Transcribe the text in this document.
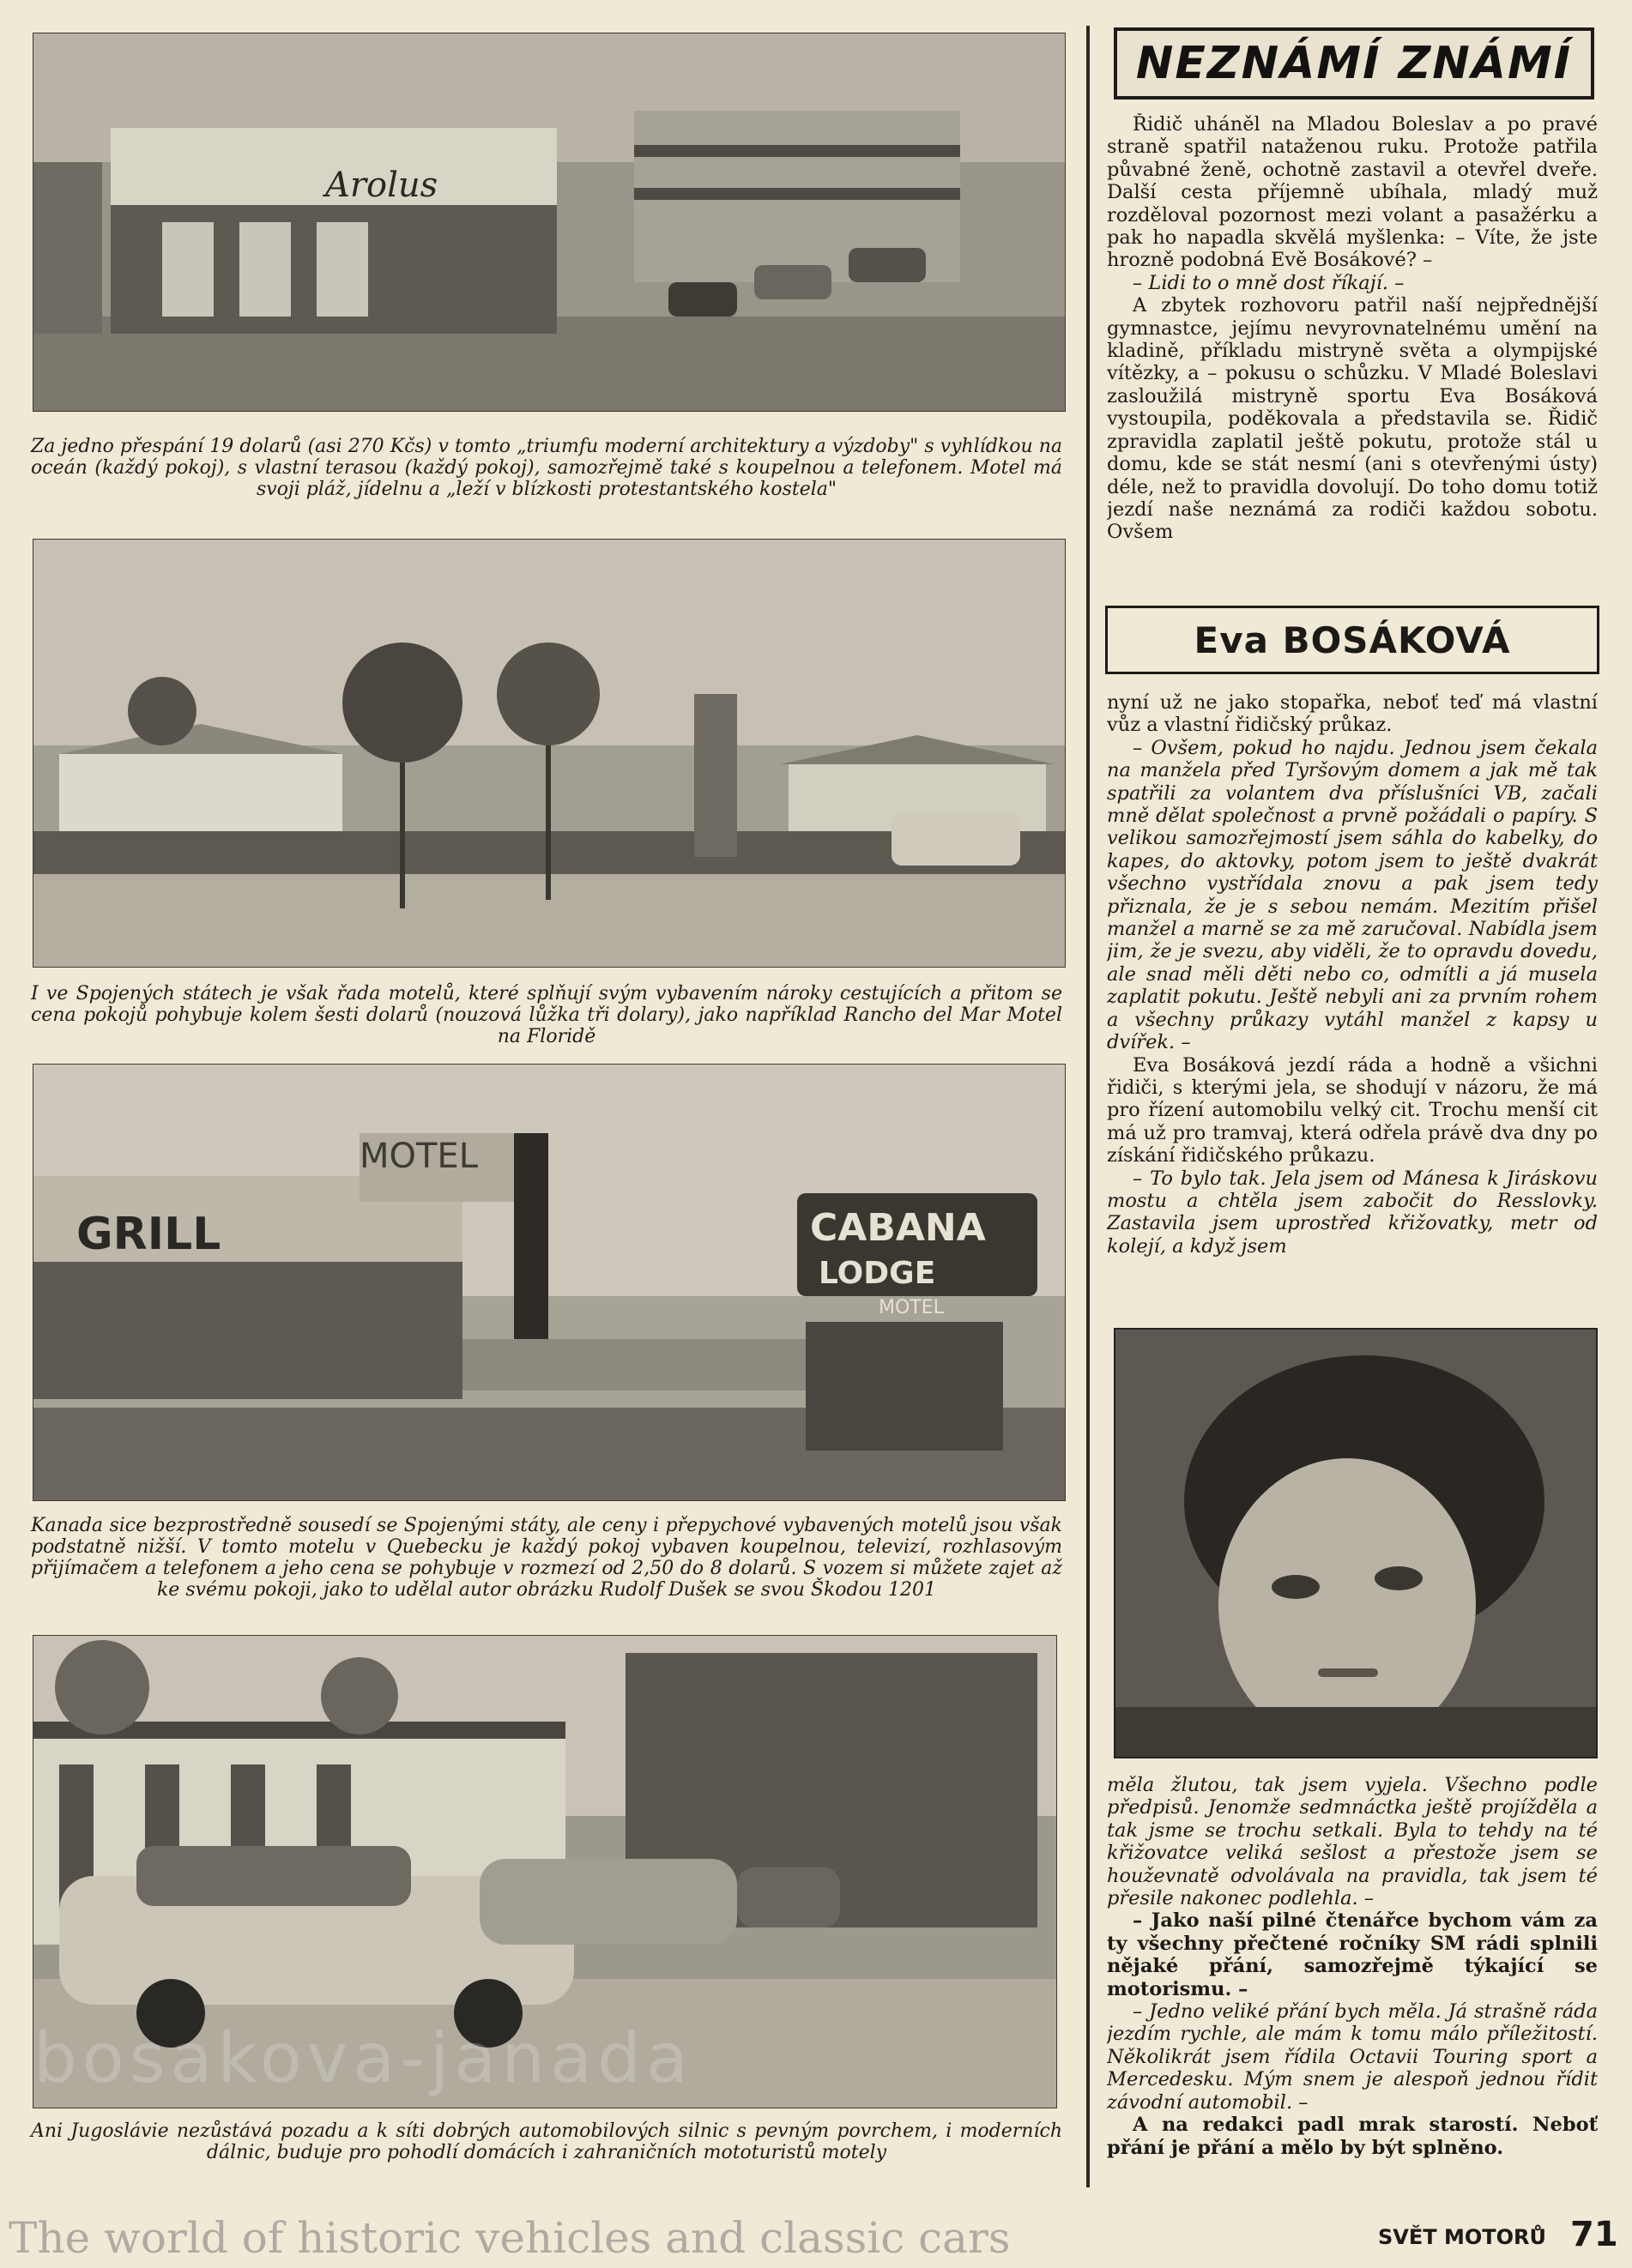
Arolus
Za jedno přespání 19 dolarů (asi 270 Kčs) v tomto „triumfu moderní architektury a výzdoby" s vyhlídkou na oceán (každý pokoj), s vlastní terasou (každý pokoj), samozřejmě také s koupelnou a telefonem. Motel má svoji pláž, jídelnu a „leží v blízkosti protestantského kostela"
I ve Spojených státech je však řada motelů, které splňují svým vybavením nároky cestujících a přitom se cena pokojů pohybuje kolem šesti dolarů (nouzová lůžka tři dolary), jako například Rancho del Mar Motel na Floridě
GRILL
MOTEL
CABANA
LODGE
MOTEL
Kanada sice bezprostředně sousedí se Spojenými státy, ale ceny i přepychové vybavených motelů jsou však podstatně nižší. V tomto motelu v Quebecku je každý pokoj vybaven koupelnou, televizí, rozhlasovým přijímačem a telefonem a jeho cena se pohybuje v rozmezí od 2,50 do 8 dolarů. S vozem si můžete zajet až ke svému pokoji, jako to udělal autor obrázku Rudolf Dušek se svou Škodou 1201
bosakova-janada
Ani Jugoslávie nezůstává pozadu a k síti dobrých automobilových silnic s pevným povrchem, i moderních dálnic, buduje pro pohodlí domácích i zahraničních mototuristů motely
NEZNÁMÍ ZNÁMÍ

Řidič uháněl na Mladou Boleslav a po pravé straně spatřil nataženou ruku. Protože patřila půvabné ženě, ochotně zastavil a otevřel dveře. Další cesta příjemně ubíhala, mladý muž rozděloval pozornost mezi volant a pasažérku a pak ho napadla skvělá myšlenka: – Víte, že jste hrozně podobná Evě Bosákové? –

– Lidi to o mně dost říkají. –

A zbytek rozhovoru patřil naší nejpřednější gymnastce, jejímu nevyrovnatelnému umění na kladině, příkladu mistryně světa a olympijské vítězky, a – pokusu o schůzku. V Mladé Boleslavi zasloužilá mistryně sportu Eva Bosáková vystoupila, poděkovala a představila se. Řidič zpravidla zaplatil ještě pokutu, protože stál u domu, kde se stát nesmí (ani s otevřenými ústy) déle, než to pravidla dovolují. Do toho domu totiž jezdí naše neznámá za rodiči každou sobotu. Ovšem

Eva BOSÁKOVÁ

nyní už ne jako stopařka, neboť teď má vlastní vůz a vlastní řidičský průkaz.

– Ovšem, pokud ho najdu. Jednou jsem čekala na manžela před Tyršovým domem a jak mě tak spatřili za volantem dva příslušníci VB, začali mně dělat společnost a prvně požádali o papíry. S velikou samozřejmostí jsem sáhla do kabelky, do kapes, do aktovky, potom jsem to ještě dvakrát všechno vystřídala znovu a pak jsem tedy přiznala, že je s sebou nemám. Mezitím přišel manžel a marně se za mě zaručoval. Nabídla jsem jim, že je svezu, aby viděli, že to opravdu dovedu, ale snad měli děti nebo co, odmítli a já musela zaplatit pokutu. Ještě nebyli ani za prvním rohem a všechny průkazy vytáhl manžel z kapsy u dvířek. –

Eva Bosáková jezdí ráda a hodně a všichni řidiči, s kterými jela, se shodují v názoru, že má pro řízení automobilu velký cit. Trochu menší cit má už pro tramvaj, která odřela právě dva dny po získání řidičského průkazu.

– To bylo tak. Jela jsem od Mánesa k Jiráskovu mostu a chtěla jsem zabočit do Resslovky. Zastavila jsem uprostřed křižovatky, metr od kolejí, a když jsem

měla žlutou, tak jsem vyjela. Všechno podle předpisů. Jenomže sedmnáctka ještě projížděla a tak jsme se trochu setkali. Byla to tehdy na té křižovatce veliká sešlost a přestože jsem se houževnatě odvolávala na pravidla, tak jsem té přesile nakonec podlehla. –

– Jako naší pilné čtenářce bychom vám za ty všechny přečtené ročníky SM rádi splnili nějaké přání, samozřejmě týkající se motorismu. –

– Jedno veliké přání bych měla. Já strašně ráda jezdím rychle, ale mám k tomu málo příležitostí. Několikrát jsem řídila Octavii Touring sport a Mercedesku. Mým snem je alespoň jednou řídit závodní automobil. –

A na redakci padl mrak starostí. Neboť přání je přání a mělo by být splněno.

The world of historic vehicles and classic cars	SVĚT MOTORŮ 71
